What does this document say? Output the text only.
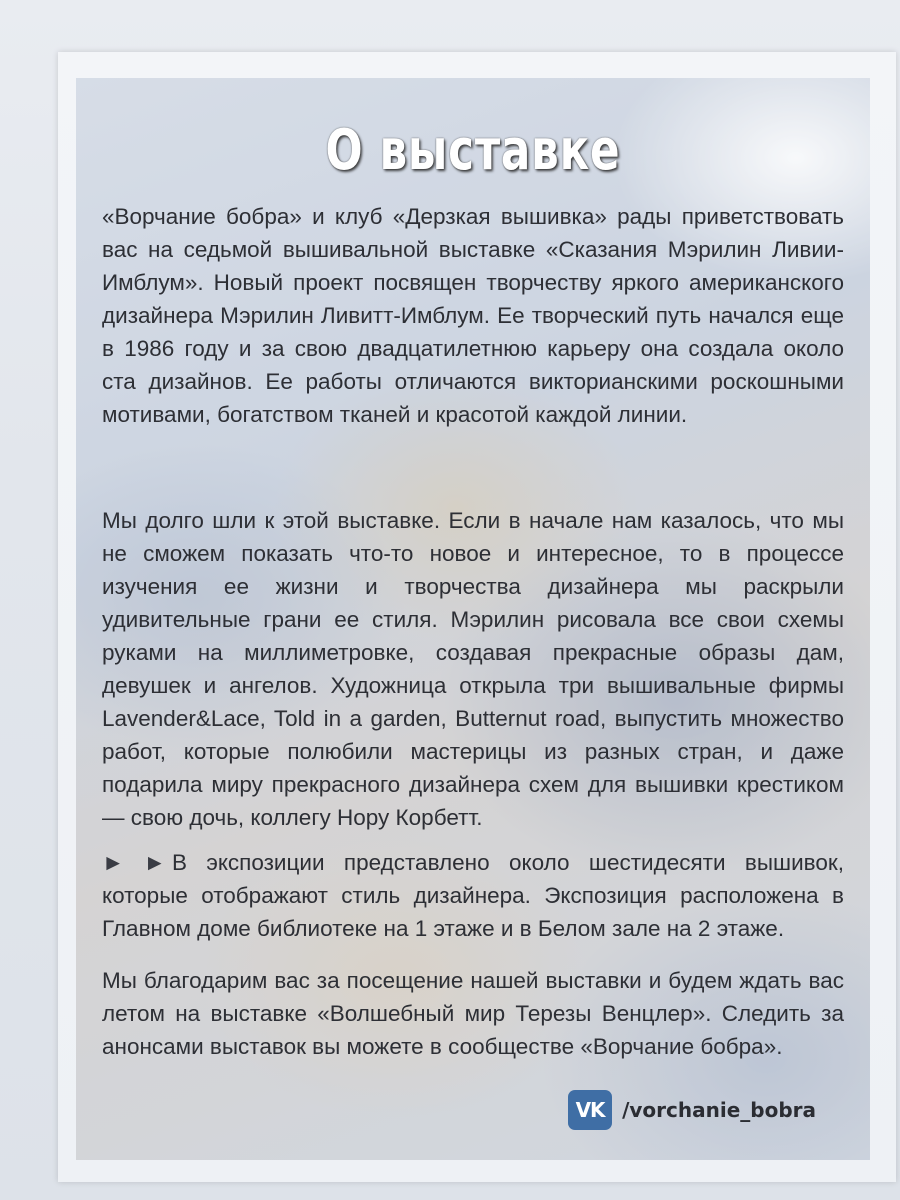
О выставке

«Ворчание бобра» и клуб «Дерзкая вышивка» рады приветствовать вас на седьмой вышивальной выставке «Сказания Мэрилин Ливии-Имблум». Новый проект посвящен творчеству яркого американского дизайнера Мэрилин Ливитт-Имблум. Ее творческий путь начался еще в 1986 году и за свою двадцатилетнюю карьеру она создала около ста дизайнов. Ее работы отличаются викторианскими роскошными мотивами, богатством тканей и красотой каждой линии.

Мы долго шли к этой выставке. Если в начале нам казалось, что мы не сможем показать что-то новое и интересное, то в процессе изучения ее жизни и творчества дизайнера мы раскрыли удивительные грани ее стиля. Мэрилин рисовала все свои схемы руками на миллиметровке, создавая прекрасные образы дам, девушек и ангелов. Художница открыла три вышивальные фирмы Lavender&Lace, Told in a garden, Butternut road, выпустить множество работ, которые полюбили мастерицы из разных стран, и даже подарила миру прекрасного дизайнера схем для вышивки крестиком — свою дочь, коллегу Нору Корбетт.

► ► В экспозиции представлено около шестидесяти вышивок, которые отображают стиль дизайнера. Экспозиция расположена в Главном доме библиотеке на 1 этаже и в Белом зале на 2 этаже.

Мы благодарим вас за посещение нашей выставки и будем ждать вас летом на выставке «Волшебный мир Терезы Венцлер». Следить за анонсами выставок вы можете в сообществе «Ворчание бобра».

VK /vorchanie_bobra
